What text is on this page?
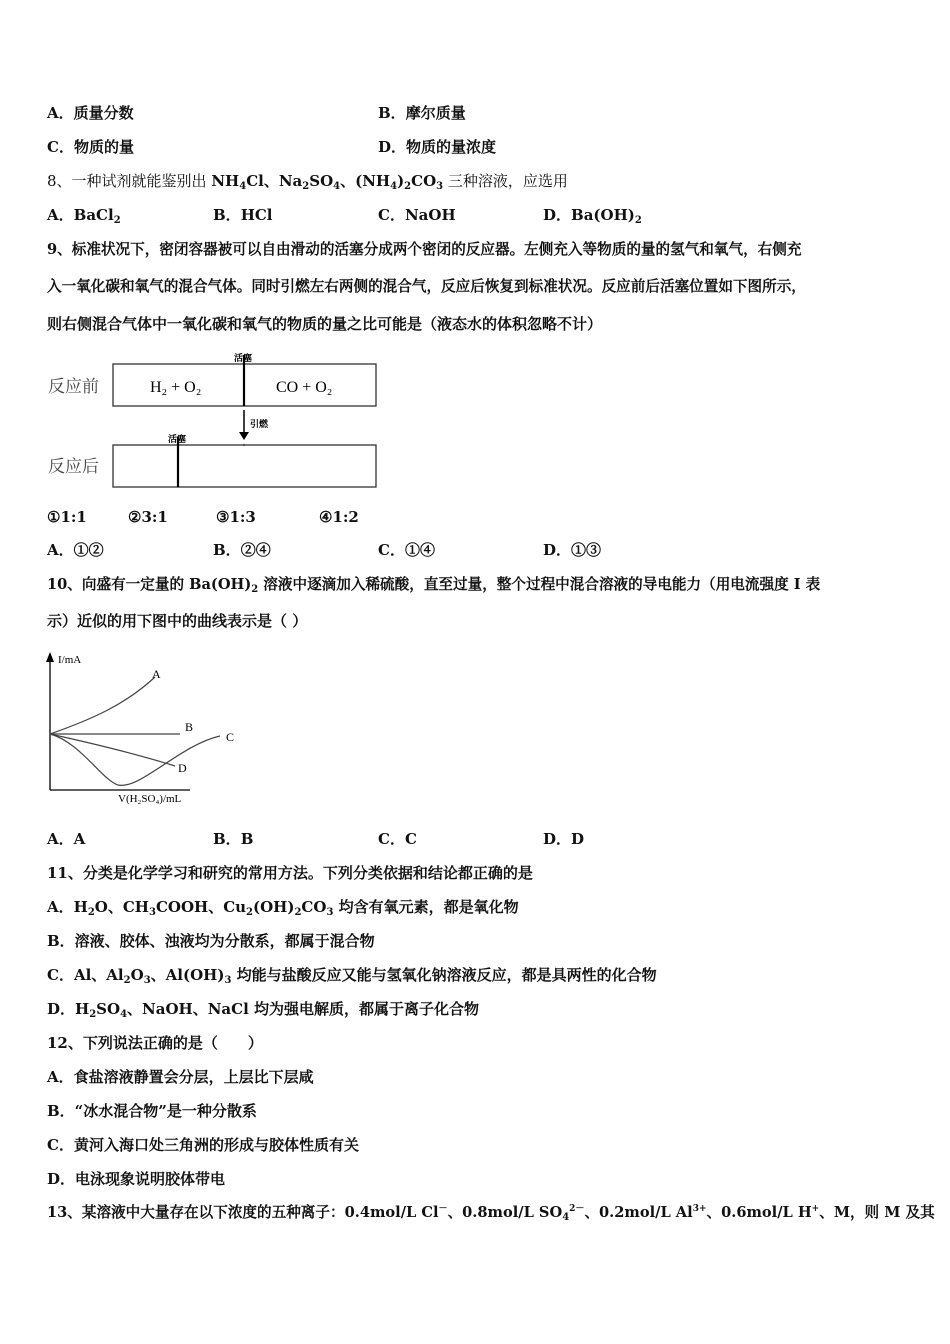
A．质量分数	B．摩尔质量
C．物质的量	D．物质的量浓度
8、一种试剂就能鉴别出 $NH_4Cl$、$Na_2SO_4$、$(NH_4)_2CO_3$ 三种溶液，应选用
A．BaCl$_2$	B．HCl	C．NaOH	D．$Ba(OH)_2$
9、标准状况下，密闭容器被可以自由滑动的活塞分成两个密闭的反应器。左侧充入等物质的量的氢气和氧气，右侧充
入一氧化碳和氧气的混合气体。同时引燃左右两侧的混合气，反应后恢复到标准状况。反应前后活塞位置如下图所示，
则右侧混合气体中一氧化碳和氧气的物质的量之比可能是（液态水的体积忽略不计）
反应前
活塞
H₂ + O₂	CO + O₂
引燃
反应后
活塞
①1:1	②3:1	③1:3	④1:2
A．①②	B．②④	C．①④	D．①③
10、向盛有一定量的 $Ba(OH)_2$ 溶液中逐滴加入稀硫酸，直至过量，整个过程中混合溶液的导电能力（用电流强度 I 表
示）近似的用下图中的曲线表示是（ ）
I/mA
V(H₂SO₄)/mL
A
B
C
D
A．A	B．B	C．C	D．D
11、分类是化学学习和研究的常用方法。下列分类依据和结论都正确的是
A．$H_2O$、$CH_3COOH$、$Cu_2(OH)_2CO_3$ 均含有氧元素，都是氧化物
B．溶液、胶体、浊液均为分散系，都属于混合物
C．Al、$Al_2O_3$、$Al(OH)_3$ 均能与盐酸反应又能与氢氧化钠溶液反应，都是具两性的化合物
D．$H_2SO_4$、NaOH、NaCl 均为强电解质，都属于离子化合物
12、下列说法正确的是（　　）
A．食盐溶液静置会分层，上层比下层咸
B．“冰水混合物”是一种分散系
C．黄河入海口处三角洲的形成与胶体性质有关
D．电泳现象说明胶体带电
13、某溶液中大量存在以下浓度的五种离子：0.4mol/L Cl－、0.8mol/L $SO_4^{2-}$、0.2mol/L $Al^{3+}$、0.6mol/L H+、M，则 M 及其
